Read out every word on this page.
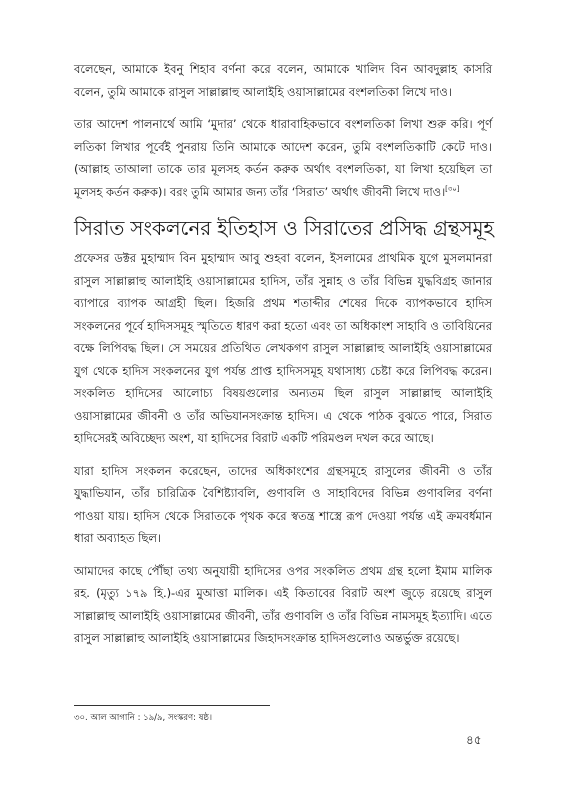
বলেছেন, আমাকে ইবনু শিহাব বর্ণনা করে বলেন, আমাকে খালিদ বিন আবদুল্লাহ কাসরি বলেন, তুমি আমাকে রাসুল সাল্লাল্লাহু আলাইহি ওয়াসাল্লামের বংশলতিকা লিখে দাও।

তার আদেশ পালনার্থে আমি ‘মুদার’ থেকে ধারাবাহিকভাবে বংশলতিকা লিখা শুরু করি। পূর্ণ লতিকা লিখার পূর্বেই পুনরায় তিনি আমাকে আদেশ করেন, তুমি বংশলতিকাটি কেটে দাও। (আল্লাহ তাআলা তাকে তার মূলসহ কর্তন করুক অর্থাৎ বংশলতিকা, যা লিখা হয়েছিল তা মূলসহ কর্তন করুক)। বরং তুমি আমার জন্য তাঁর ‘সিরাত’ অর্থাৎ জীবনী লিখে দাও।[৩০]

সিরাত সংকলনের ইতিহাস ও সিরাতের প্রসিদ্ধ গ্রন্থসমূহ

প্রফেসর ডক্টর মুহাম্মাদ বিন মুহাম্মাদ আবু শুহবা বলেন, ইসলামের প্রাথমিক যুগে মুসলমানরা রাসুল সাল্লাল্লাহু আলাইহি ওয়াসাল্লামের হাদিস, তাঁর সুন্নাহ ও তাঁর বিভিন্ন যুদ্ধবিগ্রহ জানার ব্যাপারে ব্যাপক আগ্রহী ছিল। হিজরি প্রথম শতাব্দীর শেষের দিকে ব্যাপকভাবে হাদিস সংকলনের পূর্বে হাদিসসমূহ স্মৃতিতে ধারণ করা হতো এবং তা অধিকাংশ সাহাবি ও তাবিয়িনের বক্ষে লিপিবদ্ধ ছিল। সে সময়ের প্রতিথিত লেখকগণ রাসুল সাল্লাল্লাহু আলাইহি ওয়াসাল্লামের যুগ থেকে হাদিস সংকলনের যুগ পর্যন্ত প্রাপ্ত হাদিসসমূহ যথাসাধ্য চেষ্টা করে লিপিবদ্ধ করেন। সংকলিত হাদিসের আলোচ্য বিষয়গুলোর অন্যতম ছিল রাসুল সাল্লাল্লাহু আলাইহি ওয়াসাল্লামের জীবনী ও তাঁর অভিযানসংক্রান্ত হাদিস। এ থেকে পাঠক বুঝতে পারে, সিরাত হাদিসেরই অবিচ্ছেদ্য অংশ, যা হাদিসের বিরাট একটি পরিমণ্ডল দখল করে আছে।

যারা হাদিস সংকলন করেছেন, তাদের অধিকাংশের গ্রন্থসমূহে রাসুলের জীবনী ও তাঁর যুদ্ধাভিযান, তাঁর চারিত্রিক বৈশিষ্ট্যাবলি, গুণাবলি ও সাহাবিদের বিভিন্ন গুণাবলির বর্ণনা পাওয়া যায়। হাদিস থেকে সিরাতকে পৃথক করে স্বতন্ত্র শাস্ত্রে রূপ দেওয়া পর্যন্ত এই ক্রমবর্ধমান ধারা অব্যাহত ছিল।

আমাদের কাছে পৌঁছা তথ্য অনুযায়ী হাদিসের ওপর সংকলিত প্রথম গ্রন্থ হলো ইমাম মালিক রহ. (মৃত্যু ১৭৯ হি.)-এর মুআত্তা মালিক। এই কিতাবের বিরাট অংশ জুড়ে রয়েছে রাসুল সাল্লাল্লাহু আলাইহি ওয়াসাল্লামের জীবনী, তাঁর গুণাবলি ও তাঁর বিভিন্ন নামসমূহ ইত্যাদি। এতে রাসুল সাল্লাল্লাহু আলাইহি ওয়াসাল্লামের জিহাদসংক্রান্ত হাদিসগুলোও অন্তর্ভুক্ত রয়েছে।

৩০. আল আগানি : ১৯/৯, সংস্করণ: ষষ্ঠ।
৪৫
